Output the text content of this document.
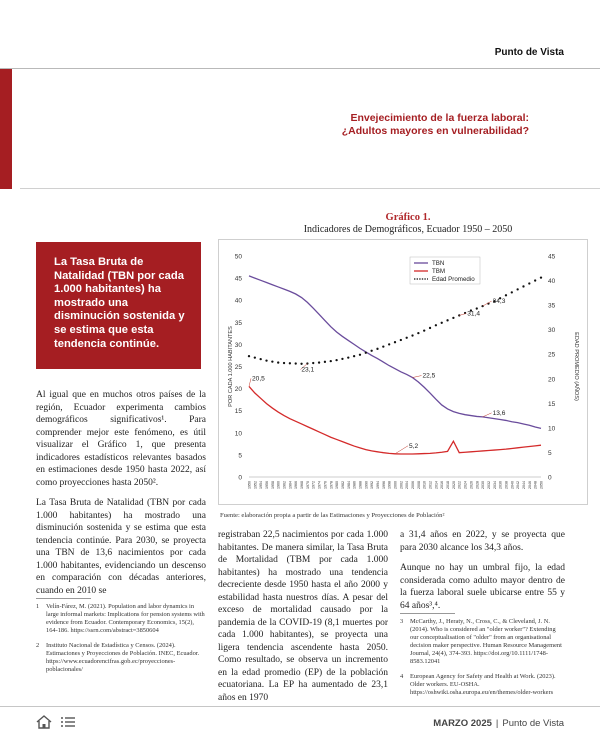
Punto de Vista
Envejecimiento de la fuerza laboral:
¿Adultos mayores en vulnerabilidad?

La Tasa Bruta de Natalidad (TBN por cada 1.000 habitantes) ha mostrado una disminución sostenida y se estima que esta tendencia continúe.

Gráfico 1.
Indicadores de Demográficos, Ecuador 1950 – 2050
0
5
10
15
20
25
30
35
40
45
50
0
5
10
15
20
25
30
35
40
45
POR CADA 1.000 HABITANTES	EDAD PROMEDIO (AÑOS)
1950 1952 1954 1956 1958 1960 1962 1964 1966 1968 1970 1972 1974 1976 1978 1980 1982 1984 1986 1988 1990 1992 1994 1996 1998 2000 2002 2004 2006 2008 2010 2012 2014 2016 2018 2020 2022 2024 2026 2028 2030 2032 2034 2036 2038 2040 2042 2044 2046 2048 2050
20,5
23,1
5,2
22,5
31,4
13,6
34,3
TBN
TBM
Edad Promedio
Fuente: elaboración propia a partir de las Estimaciones y Proyecciones de Población²

Al igual que en muchos otros países de la región, Ecuador experimenta cambios demográficos significativos¹. Para comprender mejor este fenómeno, es útil visualizar el Gráfico 1, que presenta indicadores estadísticos relevantes basados en estimaciones desde 1950 hasta 2022, así como proyecciones hasta 2050².

La Tasa Bruta de Natalidad (TBN por cada 1.000 habitantes) ha mostrado una disminución sostenida y se estima que esta tendencia continúe. Para 2030, se proyecta una TBN de 13,6 nacimientos por cada 1.000 habitantes, evidenciando un descenso en comparación con décadas anteriores, cuando en 2010 se

1	Velín-Fárez, M. (2021). Population and labor dynamics in large informal markets: Implications for pension systems with evidence from Ecuador. Contemporary Economics, 15(2), 164-186. https://ssrn.com/abstract=3850604
2	Instituto Nacional de Estadística y Censos. (2024). Estimaciones y Proyecciones de Población. INEC, Ecuador. https://www.ecuadorencifras.gob.ec/proyecciones-poblacionales/

registraban 22,5 nacimientos por cada 1.000 habitantes. De manera similar, la Tasa Bruta de Mortalidad (TBM por cada 1.000 habitantes) ha mostrado una tendencia decreciente desde 1950 hasta el año 2000 y estabilidad hasta nuestros días. A pesar del exceso de mortalidad causado por la pandemia de la COVID-19 (8,1 muertes por cada 1.000 habitantes), se proyecta una ligera tendencia ascendente hasta 2050. Como resultado, se observa un incremento en la edad promedio (EP) de la población ecuatoriana. La EP ha aumentado de 23,1 años en 1970

a 31,4 años en 2022, y se proyecta que para 2030 alcance los 34,3 años.

Aunque no hay un umbral fijo, la edad considerada como adulto mayor dentro de la fuerza laboral suele ubicarse entre 55 y 64 años³,⁴.

3	McCarthy, J., Heraty, N., Cross, C., & Cleveland, J. N. (2014). Who is considered an "older worker"? Extending our conceptualisation of "older" from an organisational decision maker perspective. Human Resource Management Journal, 24(4), 374-393. https://doi.org/10.1111/1748-8583.12041
4	European Agency for Safety and Health at Work. (2023). Older workers. EU-OSHA. https://oshwiki.osha.europa.eu/en/themes/older-workers
MARZO 2025 | Punto de Vista
